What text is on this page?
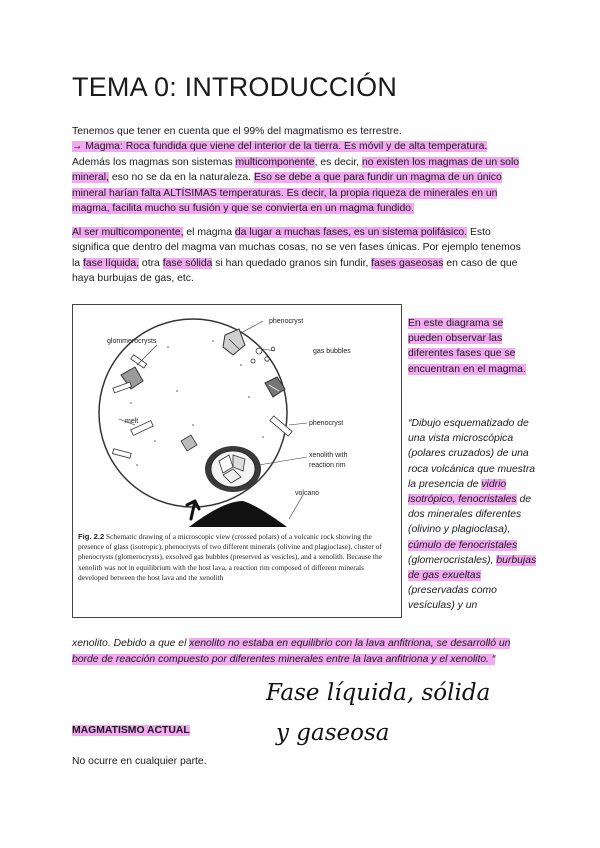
TEMA 0: INTRODUCCIÓN

Tenemos que tener en cuenta que el 99% del magmatismo es terrestre.
→ Magma: Roca fundida que viene del interior de la tierra. Es móvil y de alta temperatura.
Además los magmas son sistemas multicomponente, es decir, no existen los magmas de un solo mineral, eso no se da en la naturaleza. Eso se debe a que para fundir un magma de un único mineral harían falta ALTÍSIMAS temperaturas. Es decir, la propia riqueza de minerales en un magma, facilita mucho su fusión y que se convierta en un magma fundido.

Al ser multicomponente, el magma da lugar a muchas fases, es un sistema polifásico. Esto significa que dentro del magma van muchas cosas, no se ven fases únicas. Por ejemplo tenemos la fase líquida, otra fase sólida si han quedado granos sin fundir, fases gaseosas en caso de que haya burbujas de gas, etc.

phenocryst
glommerocrysts
gas bubbles
melt	phenocryst
xenolith with
reaction rim
volcano
Fig. 2.2 Schematic drawing of a microscopic view (crossed polars) of a volcanic rock showing the presence of glass (isotropic), phenocrysts of two different minerals (olivine and plagioclase), cluster of phenocrysts (glomerocrysts), exsolved gas bubbles (preserved as vesicles), and a xenolith. Because the xenolith was not in equilibrium with the host lava, a reaction rim composed of different minerals developed between the host lava and the xenolith

En este diagrama se pueden observar las diferentes fases que se encuentran en el magma.

“Dibujo esquematizado de una vista microscópica (polares cruzados) de una roca volcánica que muestra la presencia de vidrio isotrópico, fenocristales de dos minerales diferentes (olivino y plagioclasa), cúmulo de fenocristales (glomerocristales), burbujas de gas exueltas (preservadas como vesículas) y un

xenolito. Debido a que el xenolito no estaba en equilibrio con la lava anfitriona, se desarrolló un borde de reacción compuesto por diferentes minerales entre la lava anfitriona y el xenolito. “

Fase líquida, sólida
y gaseosa

MAGMATISMO ACTUAL

No ocurre en cualquier parte.
